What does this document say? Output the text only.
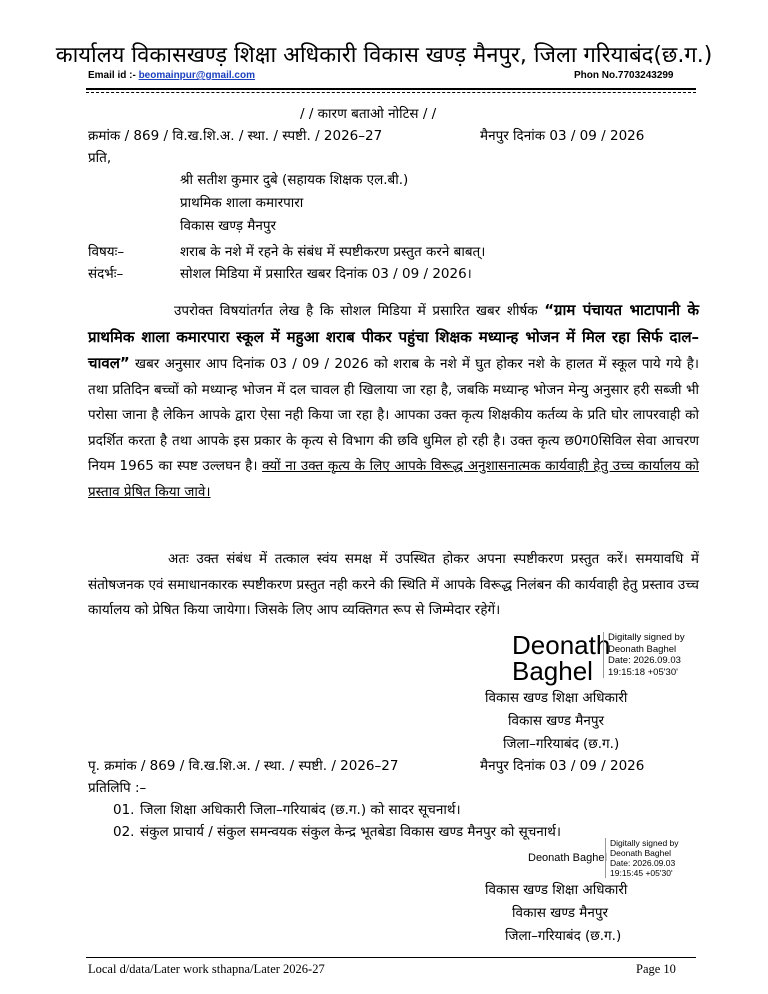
कार्यालय विकासखण्ड़ शिक्षा अधिकारी विकास खण्ड़ मैनपुर, जिला गरियाबंद(छ.ग.)
Email id :- beomainpur@gmail.com	Phon No.7703243299
/ / कारण बताओ नोटिस / /
क्रमांक / 869 / वि.ख.शि.अ. / स्था. / स्पष्टी. / 2026–27	मैनपुर दिनांक 03 / 09 / 2026
प्रति,
श्री सतीश कुमार दुबे (सहायक शिक्षक एल.बी.)
प्राथमिक शाला कमारपारा
विकास खण्ड़ मैनपुर
विषयः–	शराब के नशे में रहने के संबंध में स्पष्टीकरण प्रस्तुत करने बाबत्।
संदर्भः–	सोशल मिडिया में प्रसारित खबर दिनांक 03 / 09 / 2026।
उपरोक्त विषयांतर्गत लेख है कि सोशल मिडिया में प्रसारित खबर शीर्षक “ग्राम पंचायत भाटापानी के प्राथमिक शाला कमारपारा स्कूल में महुआ शराब पीकर पहुंचा शिक्षक मध्यान्ह भोजन में मिल रहा सिर्फ दाल–चावल” खबर अनुसार आप दिनांक 03 / 09 / 2026 को शराब के नशे में घुत होकर नशे के हालत में स्कूल पाये गये है। तथा प्रतिदिन बच्चों को मध्यान्ह भोजन में दल चावल ही खिलाया जा रहा है, जबकि मध्यान्ह भोजन मेन्यु अनुसार हरी सब्जी भी परोसा जाना है लेकिन आपके द्वारा ऐसा नही किया जा रहा है। आपका उक्त कृत्य शिक्षकीय कर्तव्य के प्रति घोर लापरवाही को प्रदर्शित करता है तथा आपके इस प्रकार के कृत्य से विभाग की छवि धुमिल हो रही है। उक्त कृत्य छ0ग0सिविल सेवा आचरण नियम 1965 का स्पष्ट उल्लघन है। क्यों ना उक्त कृत्य के लिए आपके विरूद्ध अनुशासनात्मक कार्यवाही हेतु उच्च कार्यालय को प्रस्ताव प्रेषित किया जावे।
अतः उक्त संबंध में तत्काल स्वंय समक्ष में उपस्थित होकर अपना स्पष्टीकरण प्रस्तुत करें। समयावधि में संतोषजनक एवं समाधानकारक स्पष्टीकरण प्रस्तुत नही करने की स्थिति में आपके विरूद्ध निलंबन की कार्यवाही हेतु प्रस्ताव उच्च कार्यालय को प्रेषित किया जायेगा। जिसके लिए आप व्यक्तिगत रूप से जिम्मेदार रहेगें।
Deonath
Baghel
Digitally signed by
Deonath Baghel
Date: 2026.09.03
19:15:18 +05'30'
विकास खण्ड शिक्षा अधिकारी
विकास खण्ड मैनपुर
जिला–गरियाबंद (छ.ग.)
पृ. क्रमांक / 869 / वि.ख.शि.अ. / स्था. / स्पष्टी. / 2026–27	मैनपुर दिनांक 03 / 09 / 2026
प्रतिलिपि :–
01. जिला शिक्षा अधिकारी जिला–गरियाबंद (छ.ग.) को सादर सूचनार्थ।
02. संकुल प्राचार्य / संकुल समन्वयक संकुल केन्द्र भूतबेडा विकास खण्ड मैनपुर को सूचनार्थ।
Deonath Baghel
Digitally signed by
Deonath Baghel
Date: 2026.09.03
19:15:45 +05'30'
विकास खण्ड शिक्षा अधिकारी
विकास खण्ड मैनपुर
जिला–गरियाबंद (छ.ग.)
Local d/data/Later work sthapna/Later 2026-27	Page 10
